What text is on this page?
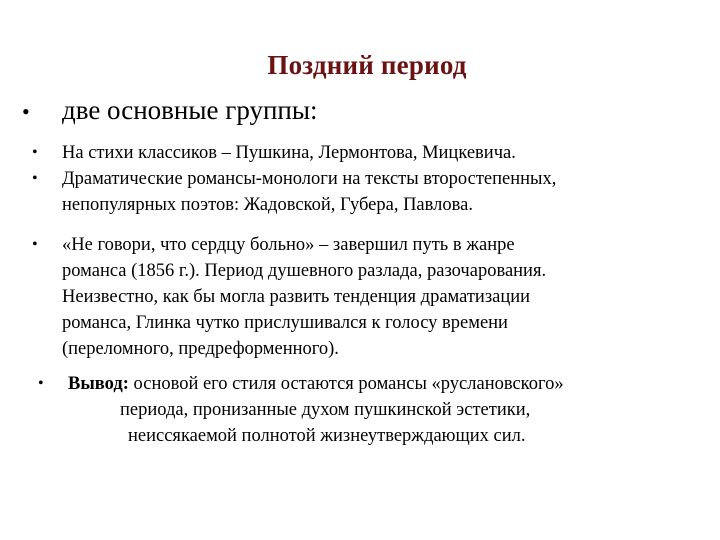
Поздний период
• две основные группы:
• На стихи классиков – Пушкина, Лермонтова, Мицкевича.
• Драматические романсы-монологи на тексты второстепенных,
непопулярных поэтов: Жадовской, Губера, Павлова.
• «Не говори, что сердцу больно» – завершил путь в жанре
романса (1856 г.). Период душевного разлада, разочарования.
Неизвестно, как бы могла развить тенденция драматизации
романса, Глинка чутко прислушивался к голосу времени
(переломного, предреформенного).
• Вывод: основой его стиля остаются романсы «руслановского»
периода, пронизанные духом пушкинской эстетики,
неиссякаемой полнотой жизнеутверждающих сил.
